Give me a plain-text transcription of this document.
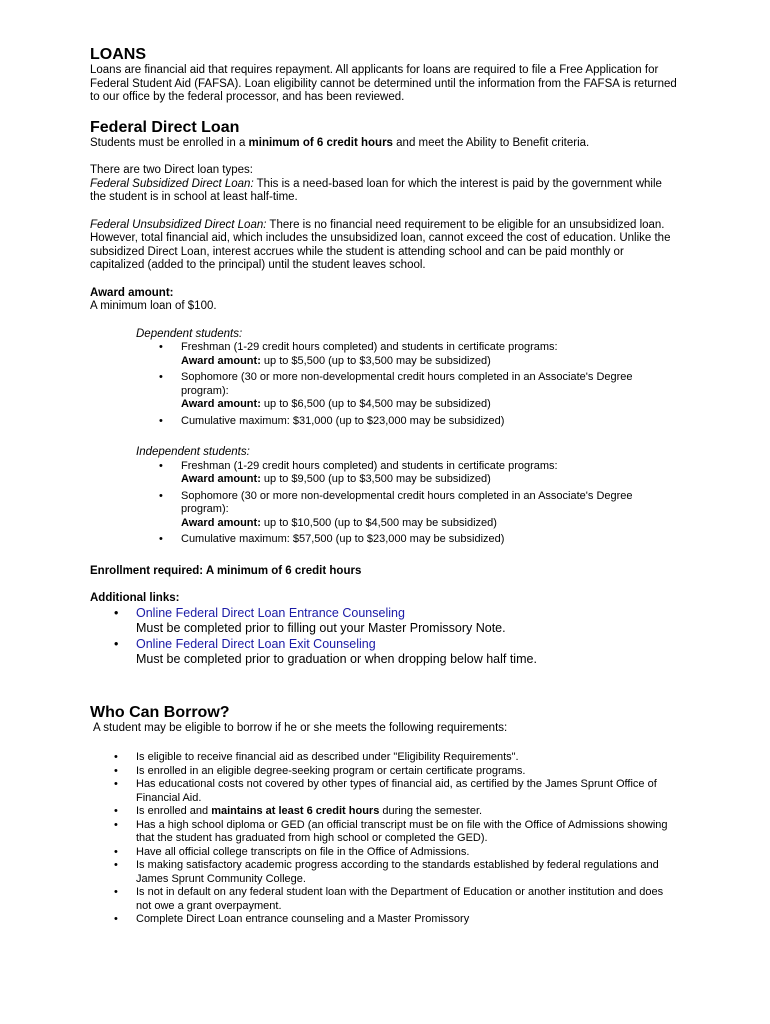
LOANS

Loans are financial aid that requires repayment. All applicants for loans are required to file a Free Application for Federal Student Aid (FAFSA). Loan eligibility cannot be determined until the information from the FAFSA is returned to our office by the federal processor, and has been reviewed.

Federal Direct Loan

Students must be enrolled in a minimum of 6 credit hours and meet the Ability to Benefit criteria.

There are two Direct loan types:

Federal Subsidized Direct Loan: This is a need-based loan for which the interest is paid by the government while the student is in school at least half-time.

Federal Unsubsidized Direct Loan: There is no financial need requirement to be eligible for an unsubsidized loan. However, total financial aid, which includes the unsubsidized loan, cannot exceed the cost of education. Unlike the subsidized Direct Loan, interest accrues while the student is attending school and can be paid monthly or capitalized (added to the principal) until the student leaves school.

Award amount:

A minimum loan of $100.

Dependent students:

• Freshman (1-29 credit hours completed) and students in certificate programs:
Award amount: up to $5,500 (up to $3,500 may be subsidized)
• Sophomore (30 or more non-developmental credit hours completed in an Associate's Degree program):
Award amount: up to $6,500 (up to $4,500 may be subsidized)
• Cumulative maximum: $31,000 (up to $23,000 may be subsidized)

Independent students:

• Freshman (1-29 credit hours completed) and students in certificate programs:
Award amount: up to $9,500 (up to $3,500 may be subsidized)
• Sophomore (30 or more non-developmental credit hours completed in an Associate's Degree program):
Award amount: up to $10,500 (up to $4,500 may be subsidized)
• Cumulative maximum: $57,500 (up to $23,000 may be subsidized)

Enrollment required: A minimum of 6 credit hours

Additional links:

• Online Federal Direct Loan Entrance Counseling
Must be completed prior to filling out your Master Promissory Note.
• Online Federal Direct Loan Exit Counseling
Must be completed prior to graduation or when dropping below half time.
Who Can Borrow?

A student may be eligible to borrow if he or she meets the following requirements:

• Is eligible to receive financial aid as described under "Eligibility Requirements".
• Is enrolled in an eligible degree-seeking program or certain certificate programs.
• Has educational costs not covered by other types of financial aid, as certified by the James Sprunt Office of Financial Aid.
• Is enrolled and maintains at least 6 credit hours during the semester.
• Has a high school diploma or GED (an official transcript must be on file with the Office of Admissions showing that the student has graduated from high school or completed the GED).
• Have all official college transcripts on file in the Office of Admissions.
• Is making satisfactory academic progress according to the standards established by federal regulations and James Sprunt Community College.
• Is not in default on any federal student loan with the Department of Education or another institution and does not owe a grant overpayment.
• Complete Direct Loan entrance counseling and a Master Promissory
